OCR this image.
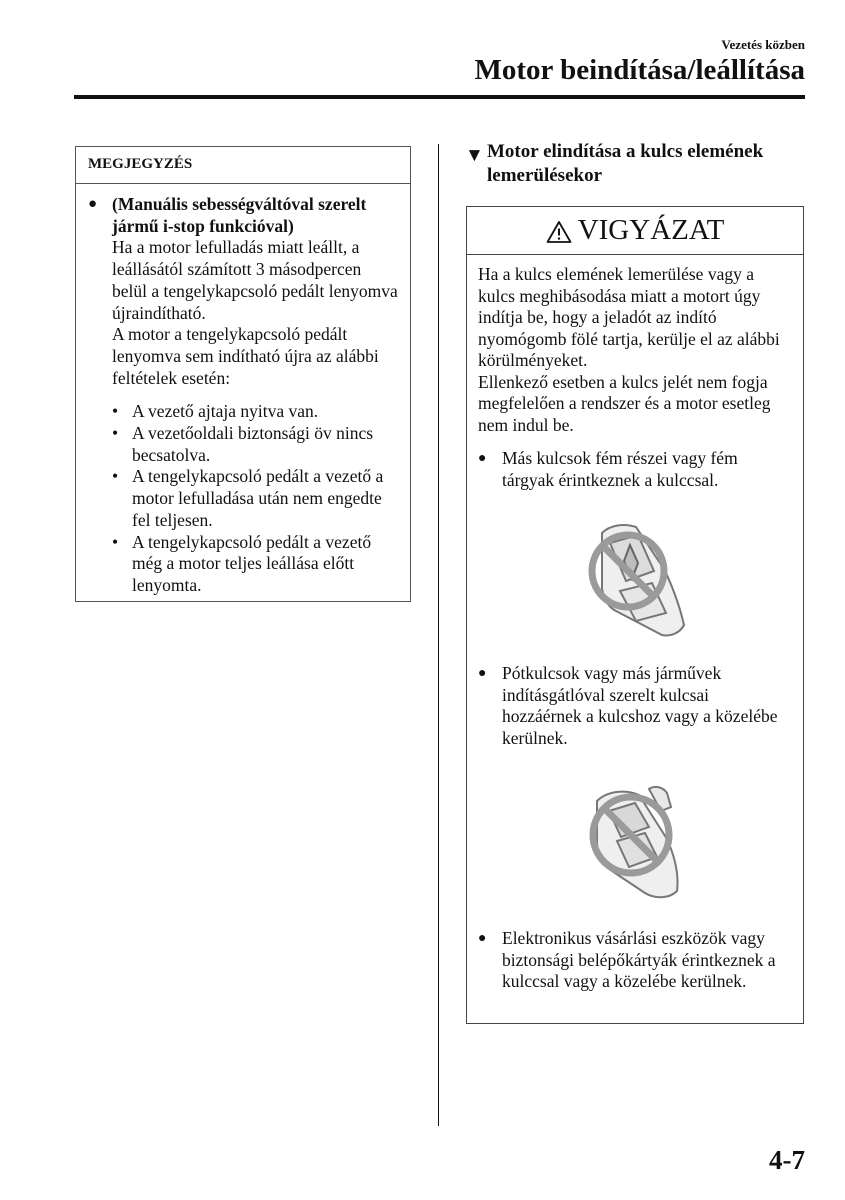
Vezetés közben
Motor beindítása/leállítása
MEGJEGYZÉS
● (Manuális sebességváltóval szerelt jármű i-stop funkcióval)

Ha a motor lefulladás miatt leállt, a leállásától számított 3 másodpercen belül a tengelykapcsoló pedált lenyomva újraindítható.

A motor a tengelykapcsoló pedált lenyomva sem indítható újra az alábbi feltételek esetén:

• A vezető ajtaja nyitva van.
• A vezetőoldali biztonsági öv nincs becsatolva.
• A tengelykapcsoló pedált a vezető a motor lefulladása után nem engedte fel teljesen.
• A tengelykapcsoló pedált a vezető még a motor teljes leállása előtt lenyomta.
▼ Motor elindítása a kulcs elemének lemerülésekor
VIGYÁZAT

Ha a kulcs elemének lemerülése vagy a kulcs meghibásodása miatt a motort úgy indítja be, hogy a jeladót az indító nyomógomb fölé tartja, kerülje el az alábbi körülményeket.

Ellenkező esetben a kulcs jelét nem fogja megfelelően a rendszer és a motor esetleg nem indul be.

● Más kulcsok fém részei vagy fém tárgyak érintkeznek a kulccsal.
● Pótkulcsok vagy más járművek indításgátlóval szerelt kulcsai hozzáérnek a kulcshoz vagy a közelébe kerülnek.
● Elektronikus vásárlási eszközök vagy biztonsági belépőkártyák érintkeznek a kulccsal vagy a közelébe kerülnek.
4-7
